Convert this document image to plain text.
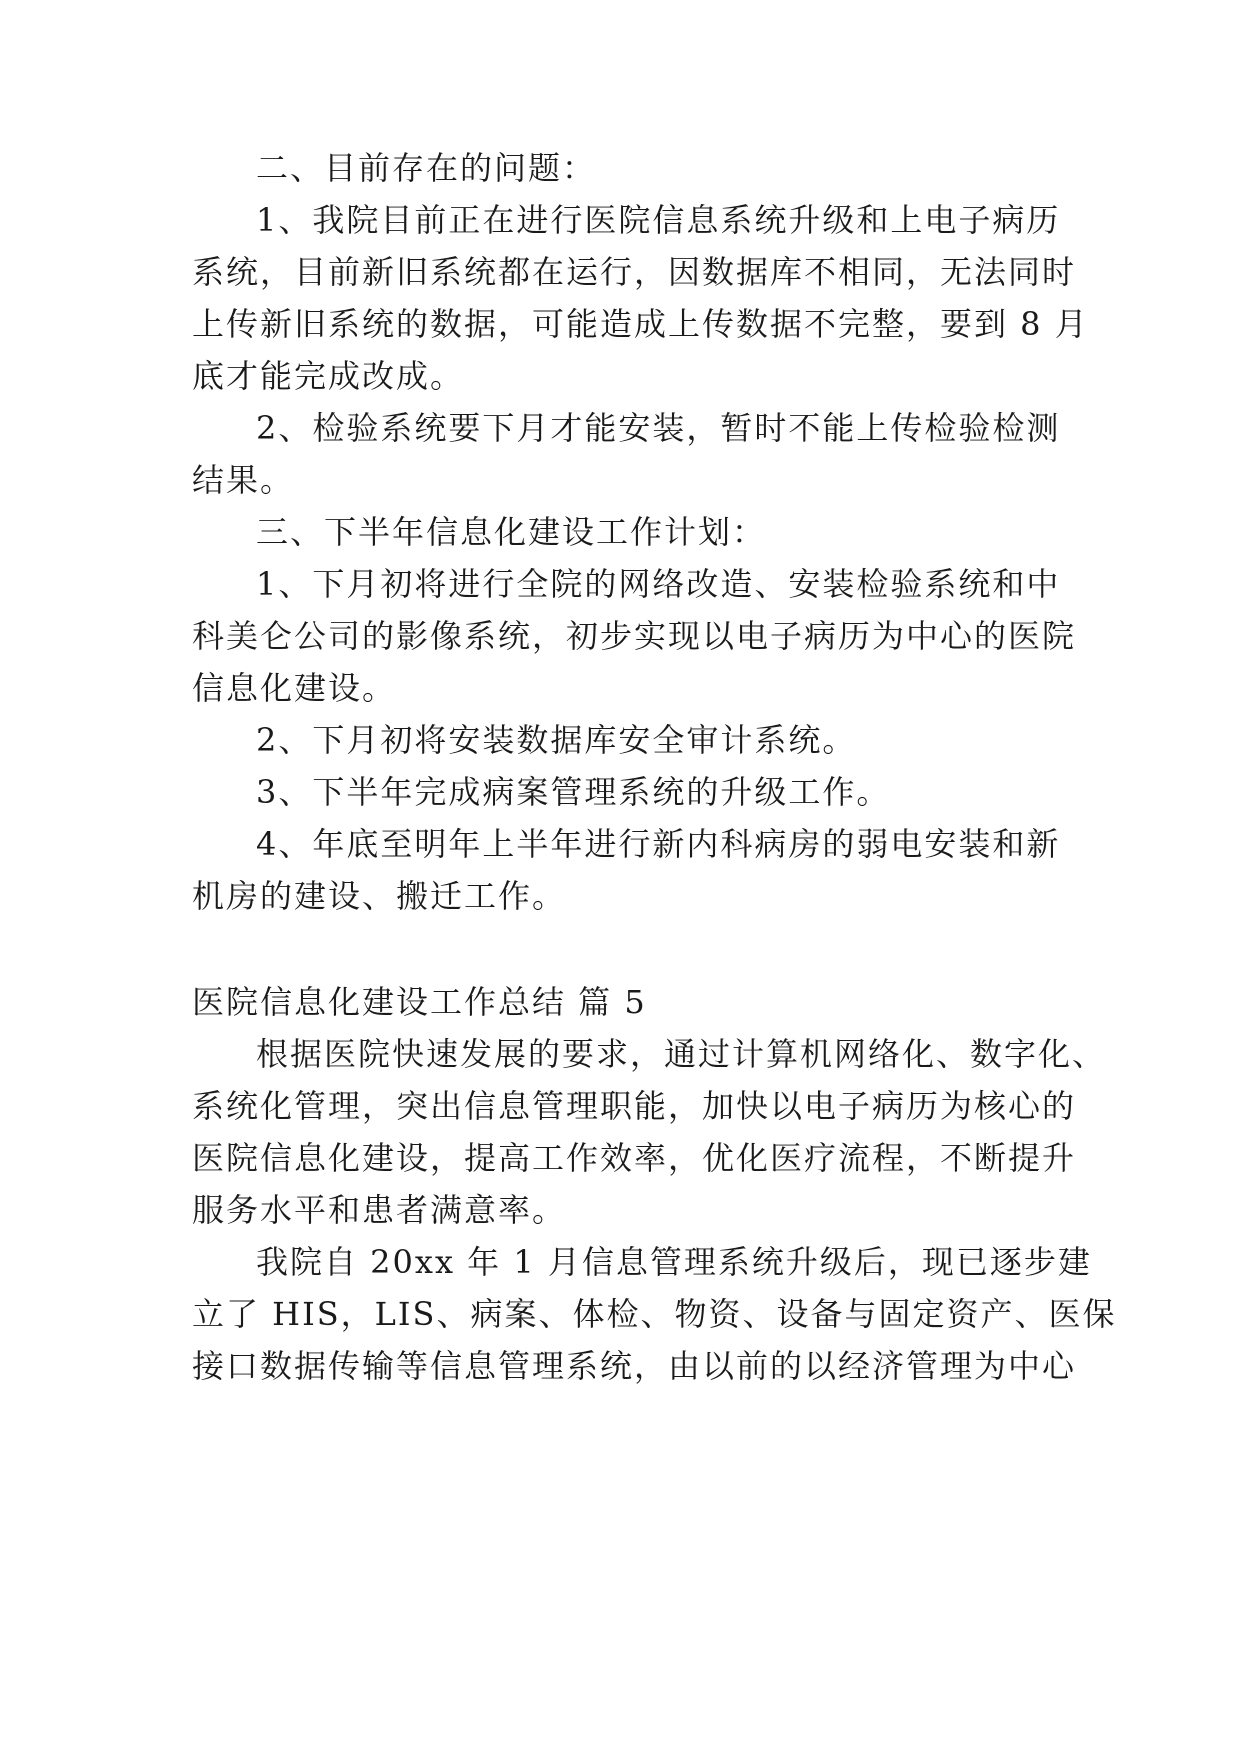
二、目前存在的问题：
1、我院目前正在进行医院信息系统升级和上电子病历
系统，目前新旧系统都在运行，因数据库不相同，无法同时
上传新旧系统的数据，可能造成上传数据不完整，要到 8 月
底才能完成改成。
2、检验系统要下月才能安装，暂时不能上传检验检测
结果。
三、下半年信息化建设工作计划：
1、下月初将进行全院的网络改造、安装检验系统和中
科美仑公司的影像系统，初步实现以电子病历为中心的医院
信息化建设。
2、下月初将安装数据库安全审计系统。
3、下半年完成病案管理系统的升级工作。
4、年底至明年上半年进行新内科病房的弱电安装和新
机房的建设、搬迁工作。
医院信息化建设工作总结 篇 5
根据医院快速发展的要求，通过计算机网络化、数字化、
系统化管理，突出信息管理职能，加快以电子病历为核心的
医院信息化建设，提高工作效率，优化医疗流程，不断提升
服务水平和患者满意率。
我院自 20xx 年 1 月信息管理系统升级后，现已逐步建
立了 HIS，LIS、病案、体检、物资、设备与固定资产、医保
接口数据传输等信息管理系统，由以前的以经济管理为中心
